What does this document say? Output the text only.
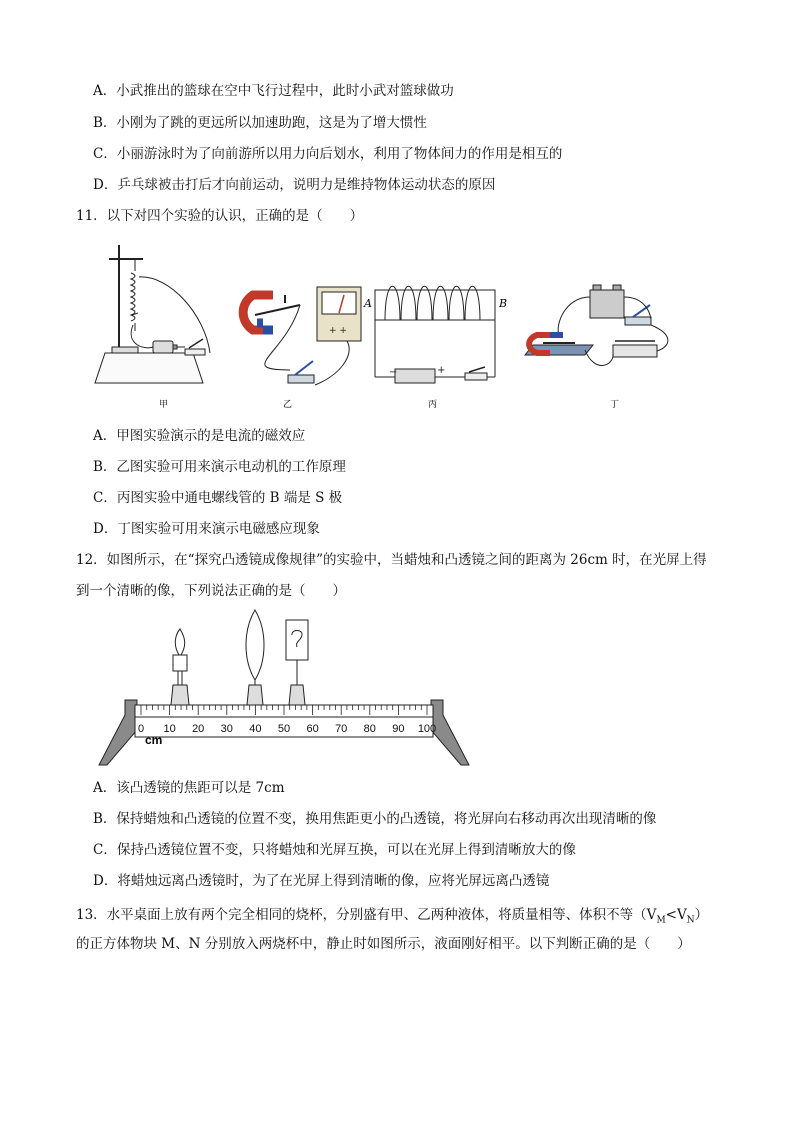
A．小武推出的篮球在空中飞行过程中，此时小武对篮球做功
B．小刚为了跳的更远所以加速助跑，这是为了增大惯性
C．小丽游泳时为了向前游所以用力向后划水，利用了物体间力的作用是相互的
D．乒乓球被击打后才向前运动，说明力是维持物体运动状态的原因
11．以下对四个实验的认识，正确的是（　　）
+ +
−	+
A	B
甲	乙	丙	丁
A．甲图实验演示的是电流的磁效应
B．乙图实验可用来演示电动机的工作原理
C．丙图实验中通电螺线管的 B 端是 S 极
D．丁图实验可用来演示电磁感应现象
12．如图所示，在“探究凸透镜成像规律”的实验中，当蜡烛和凸透镜之间的距离为 26cm 时，在光屏上得
到一个清晰的像，下列说法正确的是（　　）
0 10 20 30 40 50 60 70 80 90 100
cm
A．该凸透镜的焦距可以是 7cm
B．保持蜡烛和凸透镜的位置不变，换用焦距更小的凸透镜，将光屏向右移动再次出现清晰的像
C．保持凸透镜位置不变，只将蜡烛和光屏互换，可以在光屏上得到清晰放大的像
D．将蜡烛远离凸透镜时，为了在光屏上得到清晰的像，应将光屏远离凸透镜
13．水平桌面上放有两个完全相同的烧杯，分别盛有甲、乙两种液体，将质量相等、体积不等$(V_M<V_N)$
的正方体物块 M、N 分别放入两烧杯中，静止时如图所示，液面刚好相平。以下判断正确的是（　　）
